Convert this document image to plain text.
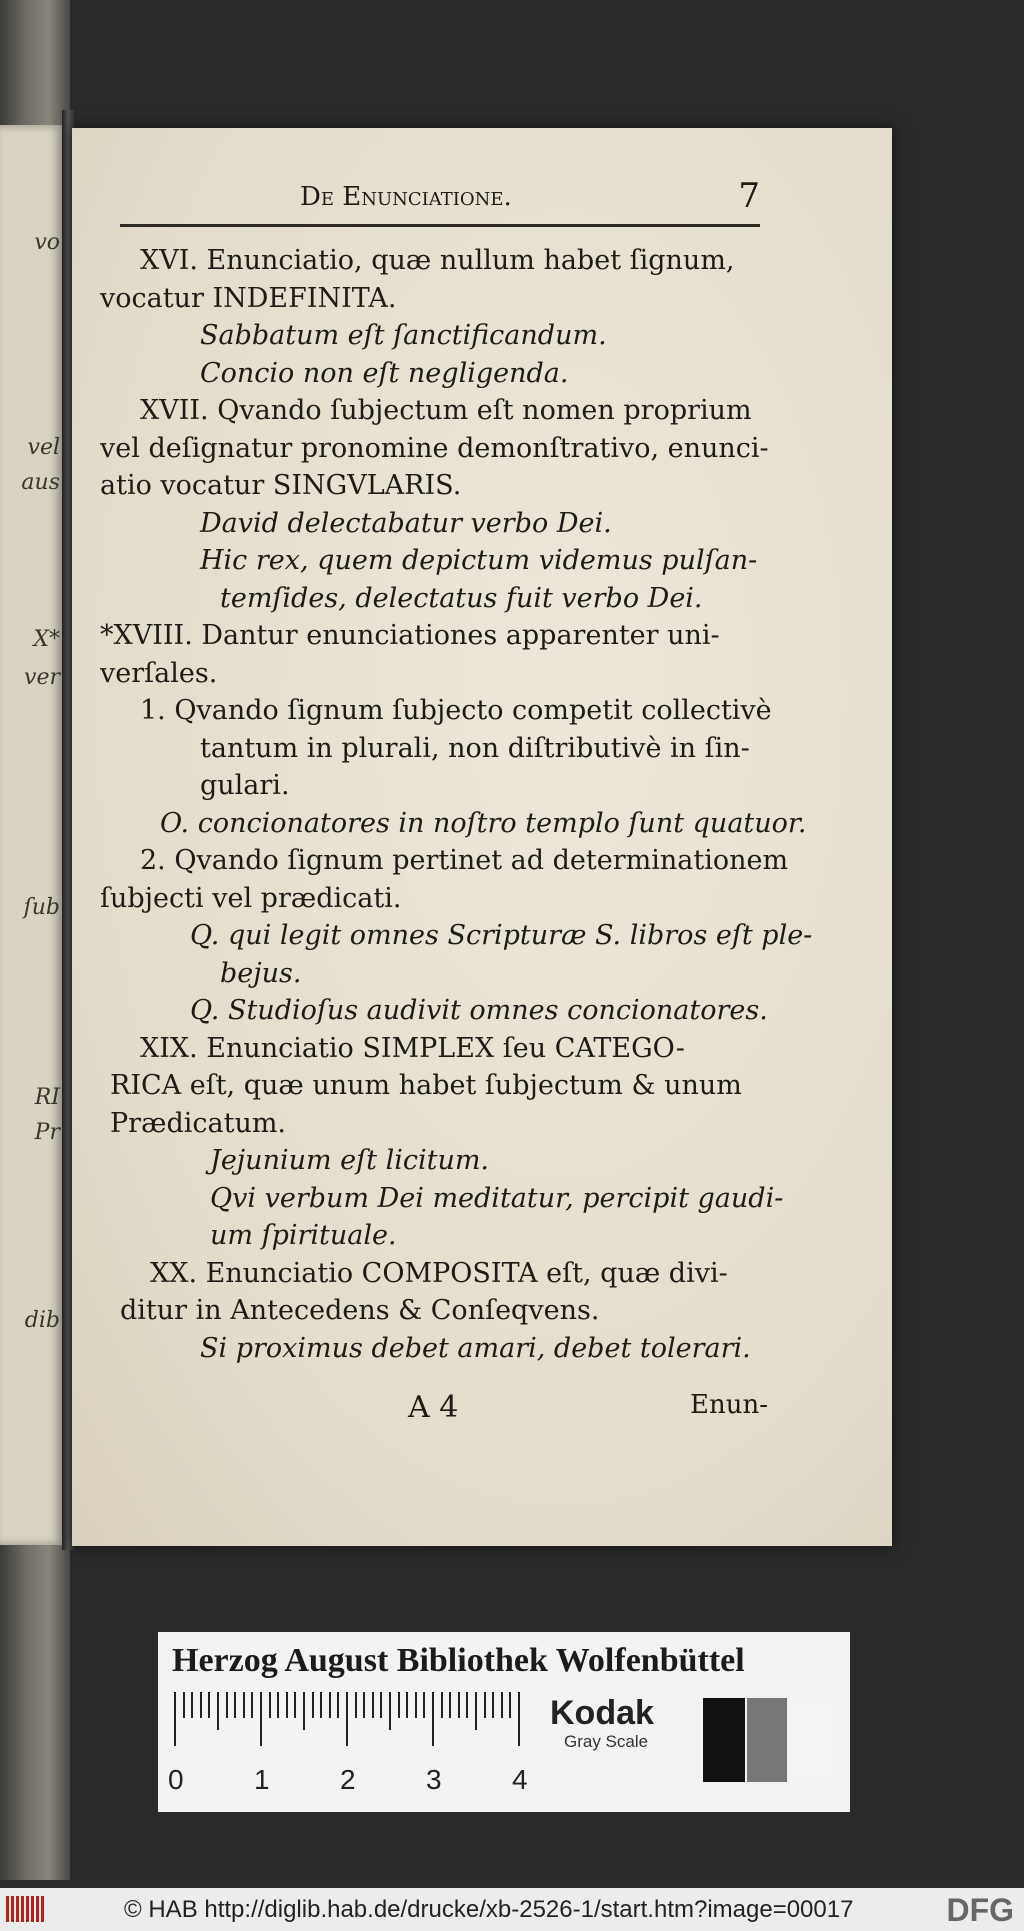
vo
vel
aus
X*
ver
ſub
RI
Pr
dib
De Enunciatione.	7
XVI. Enunciatio, quæ nullum habet ſignum,
vocatur INDEFINITA.
Sabbatum eſt ſanctificandum.
Concio non eſt negligenda.
XVII. Qvando ſubjectum eſt nomen proprium
vel deſignatur pronomine demonſtrativo, enunci-
atio vocatur SINGVLARIS.
David delectabatur verbo Dei.
Hic rex, quem depictum videmus pulſan-
temſides, delectatus fuit verbo Dei.
*XVIII. Dantur enunciationes apparenter uni-
verſales.
1. Qvando ſignum ſubjecto competit collectivè
tantum in plurali, non diſtributivè in ſin-
gulari.
O. concionatores in noſtro templo ſunt quatuor.
2. Qvando ſignum pertinet ad determinationem
ſubjecti vel prædicati.
Q. qui legit omnes Scripturæ S. libros eſt ple-
bejus.
Q. Studioſus audivit omnes concionatores.
XIX. Enunciatio SIMPLEX ſeu CATEGO-
RICA eſt, quæ unum habet ſubjectum & unum
Prædicatum.
Jejunium eſt licitum.
Qvi verbum Dei meditatur, percipit gaudi-
um ſpirituale.
XX. Enunciatio COMPOSITA eſt, quæ divi-
ditur in Antecedens & Conſeqvens.
Si proximus debet amari, debet tolerari.
A 4	Enun-
Herzog August Bibliothek Wolfenbüttel
0	1	2	3	4
Kodak
Gray Scale
© HAB http://diglib.hab.de/drucke/xb-2526-1/start.htm?image=00017	DFG
